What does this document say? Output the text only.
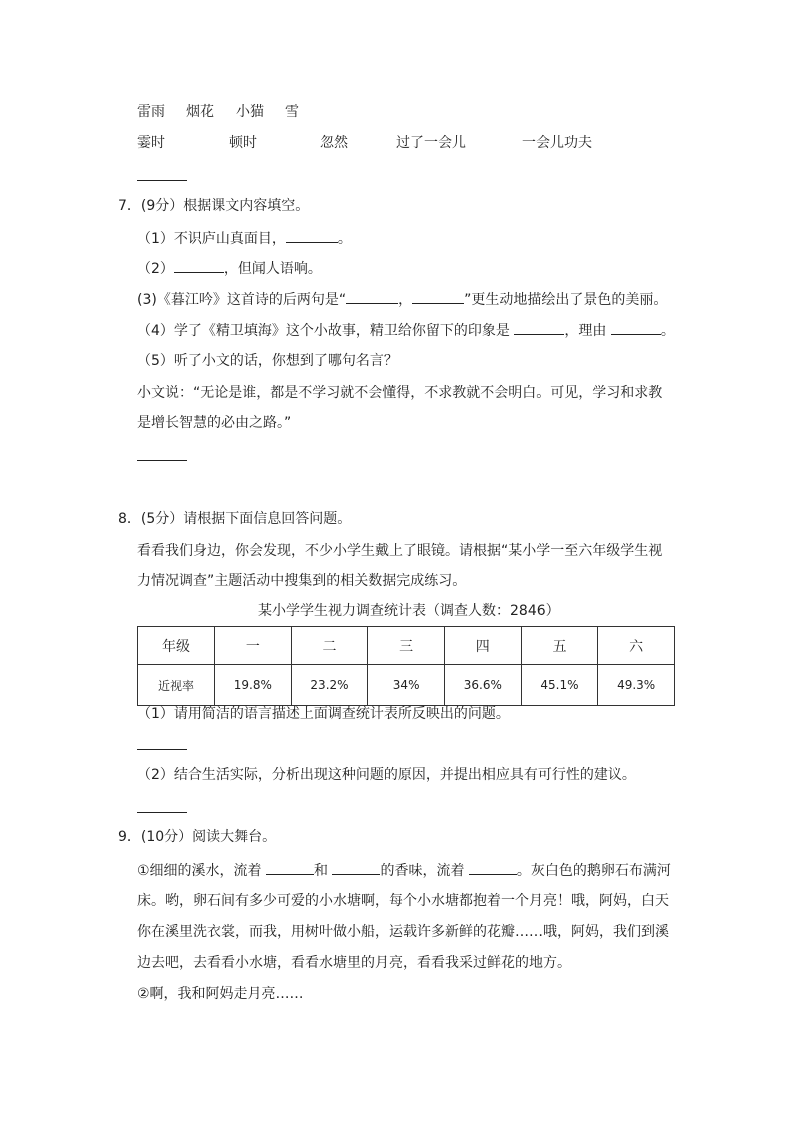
雷雨 烟花 小猫 雪
霎时	顿时	忽然	过了一会儿	一会儿功夫
7．(9分）根据课文内容填空。
（1）不识庐山真面目，	。
（2）	，但闻人语响。
(3)《暮江吟》这首诗的后两句是“	，	”更生动地描绘出了景色的美丽。
（4）学了《精卫填海》这个小故事，精卫给你留下的印象是	，理由	。
（5）听了小文的话，你想到了哪句名言？
小文说：“无论是谁，都是不学习就不会懂得，不求教就不会明白。可见，学习和求教
是增长智慧的必由之路。”
8．(5分）请根据下面信息回答问题。
看看我们身边，你会发现，不少小学生戴上了眼镜。请根据“某小学一至六年级学生视
力情况调查”主题活动中搜集到的相关数据完成练习。
某小学学生视力调查统计表（调查人数：2846）
年级	一	二	三	四	五	六
近视率	19.8%	23.2%	34%	36.6%	45.1%	49.3%
（1）请用简洁的语言描述上面调查统计表所反映出的问题。
（2）结合生活实际，分析出现这种问题的原因，并提出相应具有可行性的建议。
9．(10分）阅读大舞台。
①细细的溪水，流着	和	的香味，流着	。灰白色的鹅卵石布满河
床。哟，卵石间有多少可爱的小水塘啊，每个小水塘都抱着一个月亮！哦，阿妈，白天
你在溪里洗衣裳，而我，用树叶做小船，运载许多新鲜的花瓣……哦，阿妈，我们到溪
边去吧，去看看小水塘，看看水塘里的月亮，看看我采过鲜花的地方。
②啊，我和阿妈走月亮……
